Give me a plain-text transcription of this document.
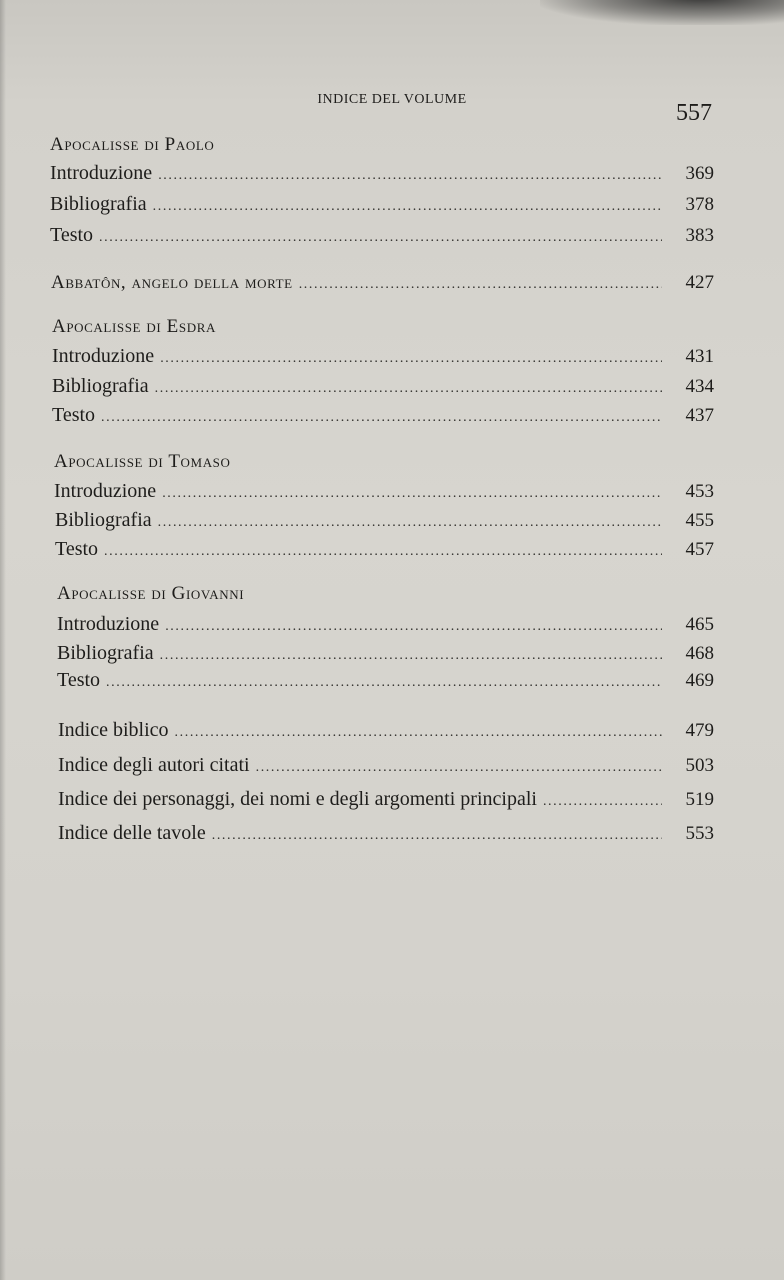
INDICE DEL VOLUME
557
Apocalisse di Paolo
Introduzione .....	369
Bibliografia .....	378
Testo .....	383
Abbatôn, angelo della morte .....	427
Apocalisse di Esdra
Introduzione .....	431
Bibliografia .....	434
Testo .....	437
Apocalisse di Tomaso
Introduzione .....	453
Bibliografia .....	455
Testo .....	457
Apocalisse di Giovanni
Introduzione .....	465
Bibliografia .....	468
Testo .....	469
Indice biblico .....	479
Indice degli autori citati .....	503
Indice dei personaggi, dei nomi e degli argomenti principali .....	519
Indice delle tavole .....	553
